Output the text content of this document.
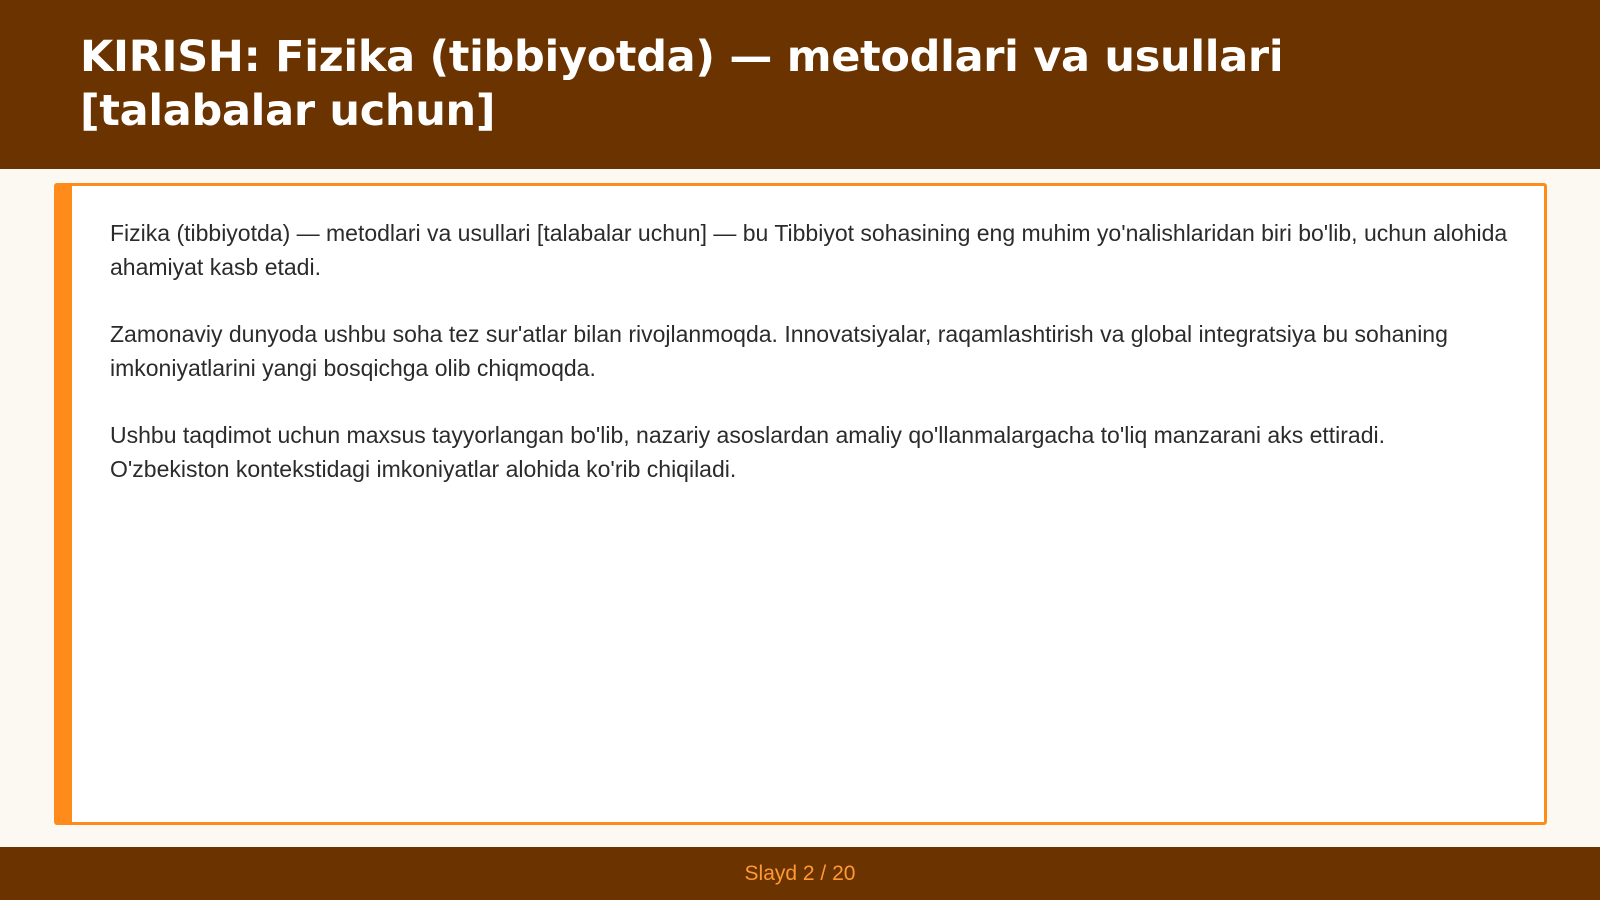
KIRISH: Fizika (tibbiyotda) — metodlari va usullari [talabalar uchun]

Fizika (tibbiyotda) — metodlari va usullari [talabalar uchun] — bu Tibbiyot sohasining eng muhim yo'nalishlaridan biri bo'lib, uchun alohida ahamiyat kasb etadi.

Zamonaviy dunyoda ushbu soha tez sur'atlar bilan rivojlanmoqda. Innovatsiyalar, raqamlashtirish va global integratsiya bu sohaning imkoniyatlarini yangi bosqichga olib chiqmoqda.

Ushbu taqdimot uchun maxsus tayyorlangan bo'lib, nazariy asoslardan amaliy qo'llanmalargacha to'liq manzarani aks ettiradi. O'zbekiston kontekstidagi imkoniyatlar alohida ko'rib chiqiladi.

Slayd 2 / 20
